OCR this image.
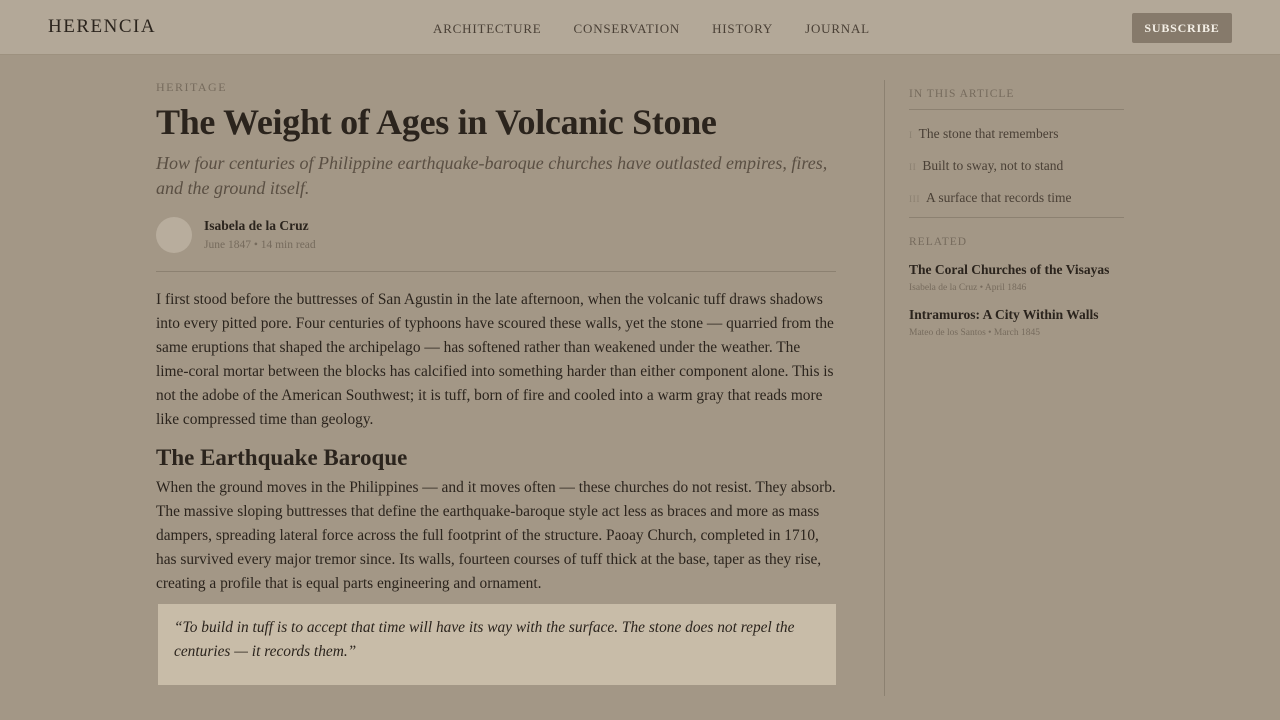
HERENCIA	ARCHITECTURE CONSERVATION HISTORY JOURNAL	SUBSCRIBE
HERITAGE
The Weight of Ages in Volcanic Stone

How four centuries of Philippine earthquake-baroque churches have outlasted empires, fires, and the ground itself.

Isabela de la Cruz
June 1847 • 14 min read

I first stood before the buttresses of San Agustin in the late afternoon, when the volcanic tuff draws shadows into every pitted pore. Four centuries of typhoons have scoured these walls, yet the stone — quarried from the same eruptions that shaped the archipelago — has softened rather than weakened under the weather. The lime-coral mortar between the blocks has calcified into something harder than either component alone. This is not the adobe of the American Southwest; it is tuff, born of fire and cooled into a warm gray that reads more like compressed time than geology.

The Earthquake Baroque

When the ground moves in the Philippines — and it moves often — these churches do not resist. They absorb. The massive sloping buttresses that define the earthquake-baroque style act less as braces and more as mass dampers, spreading lateral force across the full footprint of the structure. Paoay Church, completed in 1710, has survived every major tremor since. Its walls, fourteen courses of tuff thick at the base, taper as they rise, creating a profile that is equal parts engineering and ornament.

“To build in tuff is to accept that time will have its way with the surface. The stone does not repel the centuries — it records them.”
IN THIS ARTICLE
I The stone that remembers
II Built to sway, not to stand
III A surface that records time
RELATED
The Coral Churches of the Visayas
Isabela de la Cruz • April 1846
Intramuros: A City Within Walls
Mateo de los Santos • March 1845
